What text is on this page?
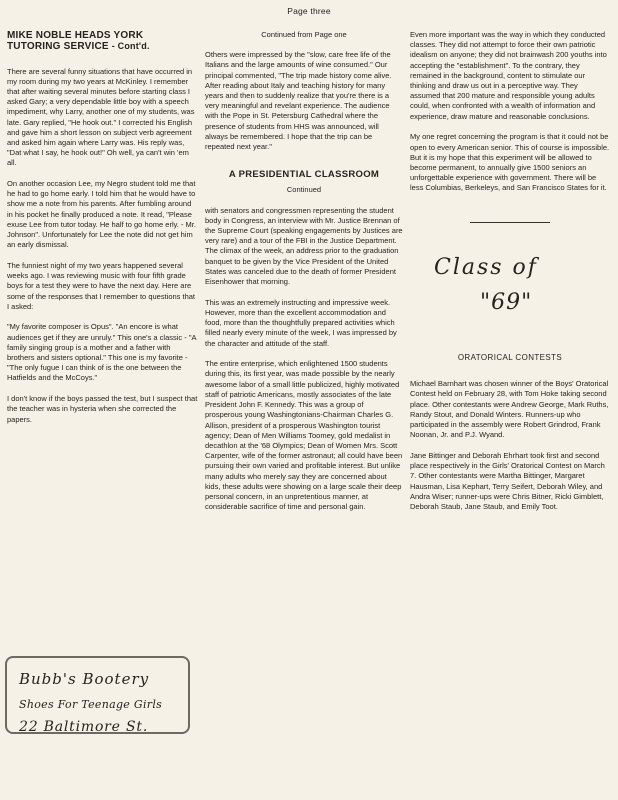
Page three

MIKE NOBLE HEADS YORK TUTORING SERVICE - Cont'd.

There are several funny situations that have occurred in my room during my two years at McKinley. I remember that after waiting several minutes before starting class I asked Gary; a very dependable little boy with a speech impediment, why Larry, another one of my students, was late. Gary replied, "He hook out." I corrected his English and gave him a short lesson on subject verb agreement and asked him again where Larry was. His reply was, "Dat what I say, he hook out!" Oh well, ya can't win 'em all.

On another occasion Lee, my Negro student told me that he had to go home early. I told him that he would have to show me a note from his parents. After fumbling around in his pocket he finally produced a note. It read, "Please exuse Lee from tutor today. He half to go home erly. - Mr. Johnson". Unfortunately for Lee the note did not get him an early dismissal.

The funniest night of my two years happened several weeks ago. I was reviewing music with four fifth grade boys for a test they were to have the next day. Here are some of the responses that I remember to questions that I asked:

"My favorite composer is Opus". "An encore is what audiences get if they are unruly." This one's a classic - "A family singing group is a mother and a father with brothers and sisters optional." This one is my favorite - "The only fugue I can think of is the one between the Hatfields and the McCoys."

I don't know if the boys passed the test, but I suspect that the teacher was in hysteria when she corrected the papers.

Bubb's Bootery
Shoes For Teenage Girls
22 Baltimore St.

Continued from Page one

Others were impressed by the "slow, care free life of the Italians and the large amounts of wine consumed." Our principal commented, "The trip made history come alive. After reading about Italy and teaching history for many years and then to suddenly realize that you're there is a very meaningful and revelant experience. The audience with the Pope in St. Petersburg Cathedral where the presence of students from HHS was announced, will always be remembered. I hope that the trip can be repeated next year."

A PRESIDENTIAL CLASSROOM

Continued

with senators and congressmen representing the student body in Congress, an interview with Mr. Justice Brennan of the Supreme Court (speaking engagements by Justices are very rare) and a tour of the FBI in the Justice Department. The climax of the week, an address prior to the graduation banquet to be given by the Vice President of the United States was canceled due to the death of former President Eisenhower that morning.

This was an extremely instructing and impressive week. However, more than the excellent accommodation and food, more than the thoughtfully prepared activities which filled nearly every minute of the week, I was impressed by the character and attitude of the staff.

The entire enterprise, which enlightened 1500 students during this, its first year, was made possible by the nearly awesome labor of a small little publicized, highly motivated staff of patriotic Americans, mostly associates of the late President John F. Kennedy. This was a group of prosperous young Washingtonians-Chairman Charles G. Allison, president of a prosperous Washington tourist agency; Dean of Men Williams Toomey, gold medalist in decathlon at the '68 Olympics; Dean of Women Mrs. Scott Carpenter, wife of the former astronaut; all could have been pursuing their own varied and profitable interest. But unlike many adults who merely say they are concerned about kids, these adults were showing on a large scale their deep personal concern, in an unpretentious manner, at considerable sacrifice of time and personal gain.

Even more important was the way in which they conducted classes. They did not attempt to force their own patriotic idealism on anyone; they did not brainwash 200 youths into accepting the "establishment". To the contrary, they remained in the background, content to stimulate our thinking and draw us out in a perceptive way. They assumed that 200 mature and responsible young adults could, when confronted with a wealth of information and experience, draw mature and reasonable conclusions.

My one regret concerning the program is that it could not be open to every American senior. This of course is impossible. But it is my hope that this experiment will be allowed to become permanent, to annually give 1500 seniors an unforgettable experience with government. There will be less Columbias, Berkeleys, and San Francisco States for it.

Class of
"69"

ORATORICAL CONTESTS

Michael Barnhart was chosen winner of the Boys' Oratorical Contest held on February 28, with Tom Hoke taking second place. Other contestants were Andrew George, Mark Ruths, Randy Stout, and Donald Winters. Runners-up who participated in the assembly were Robert Grindrod, Frank Noonan, Jr. and P.J. Wyand.

Jane Bittinger and Deborah Ehrhart took first and second place respectively in the Girls' Oratorical Contest on March 7. Other contestants were Martha Bittinger, Margaret Hausman, Lisa Kephart, Terry Seifert, Deborah Wiley, and Andra Wiser; runner-ups were Chris Bitner, Ricki Gimblett, Deborah Staub, Jane Staub, and Emily Toot.
